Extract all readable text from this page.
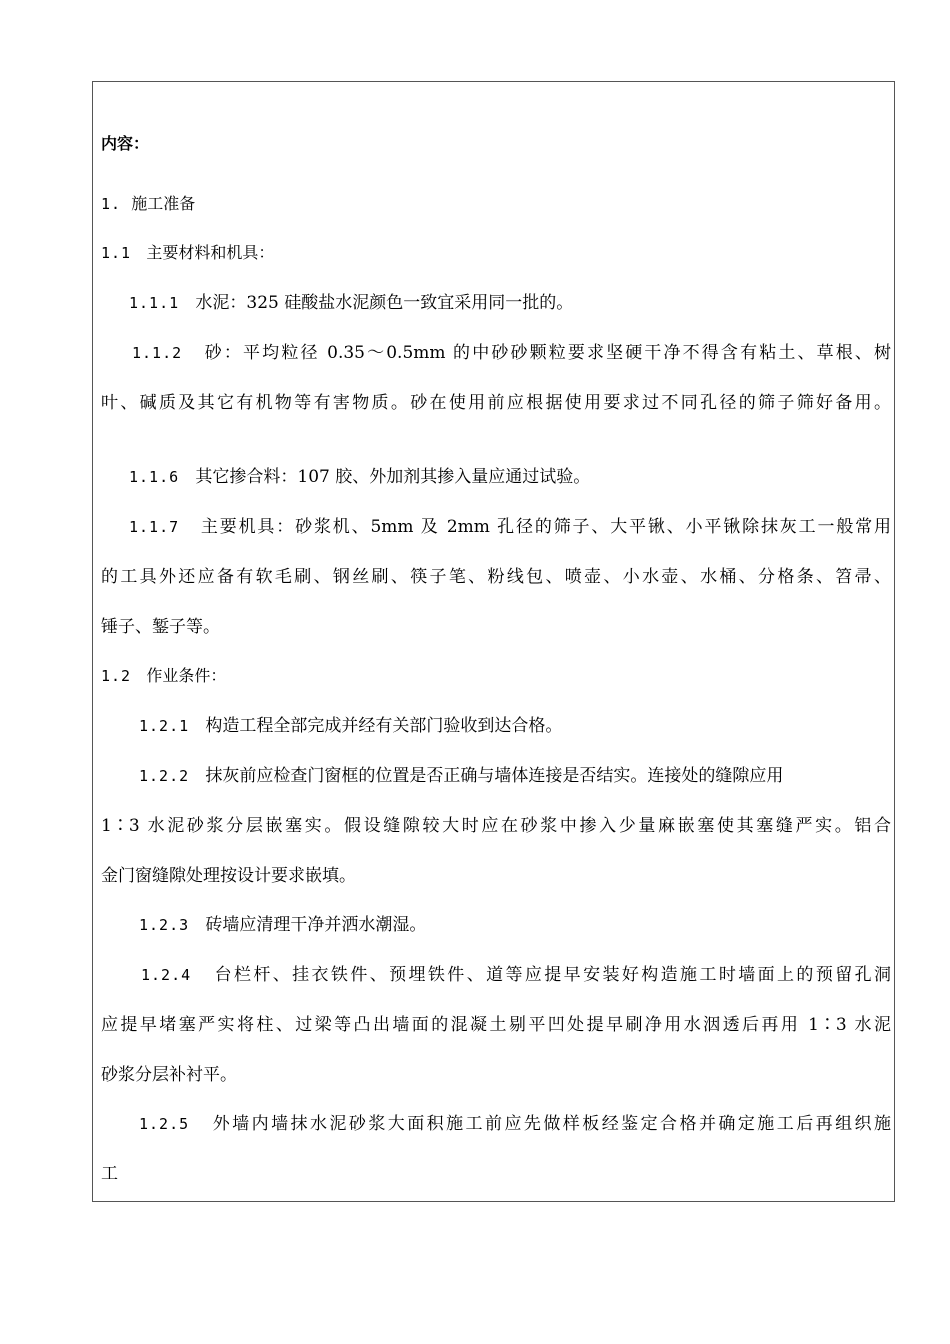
内容：
1. 施工准备
1.1 主要材料和机具：
1.1.1 水泥：325 硅酸盐水泥颜色一致宜采用同一批的。
1.1.2 砂：平均粒径 0.35～0.5mm 的中砂砂颗粒要求坚硬干净不得含有粘土、草根、树
叶、碱质及其它有机物等有害物质。砂在使用前应根据使用要求过不同孔径的筛子筛好备用。
1.1.6 其它掺合料：107 胶、外加剂其掺入量应通过试验。
1.1.7 主要机具：砂浆机、5mm 及 2mm 孔径的筛子、大平锹、小平锹除抹灰工一般常用
的工具外还应备有软毛刷、钢丝刷、筷子笔、粉线包、喷壶、小水壶、水桶、分格条、笤帚、
锤子、錾子等。
1.2 作业条件：
1.2.1 构造工程全部完成并经有关部门验收到达合格。
1.2.2 抹灰前应检查门窗框的位置是否正确与墙体连接是否结实。连接处的缝隙应用
1∶3 水泥砂浆分层嵌塞实。假设缝隙较大时应在砂浆中掺入少量麻嵌塞使其塞缝严实。铝合
金门窗缝隙处理按设计要求嵌填。
1.2.3 砖墙应清理干净并洒水潮湿。
1.2.4 台栏杆、挂衣铁件、预埋铁件、道等应提早安装好构造施工时墙面上的预留孔洞
应提早堵塞严实将柱、过梁等凸出墙面的混凝土剔平凹处提早刷净用水洇透后再用 1∶3 水泥
砂浆分层补衬平。
1.2.5 外墙内墙抹水泥砂浆大面积施工前应先做样板经鉴定合格并确定施工后再组织施
工
